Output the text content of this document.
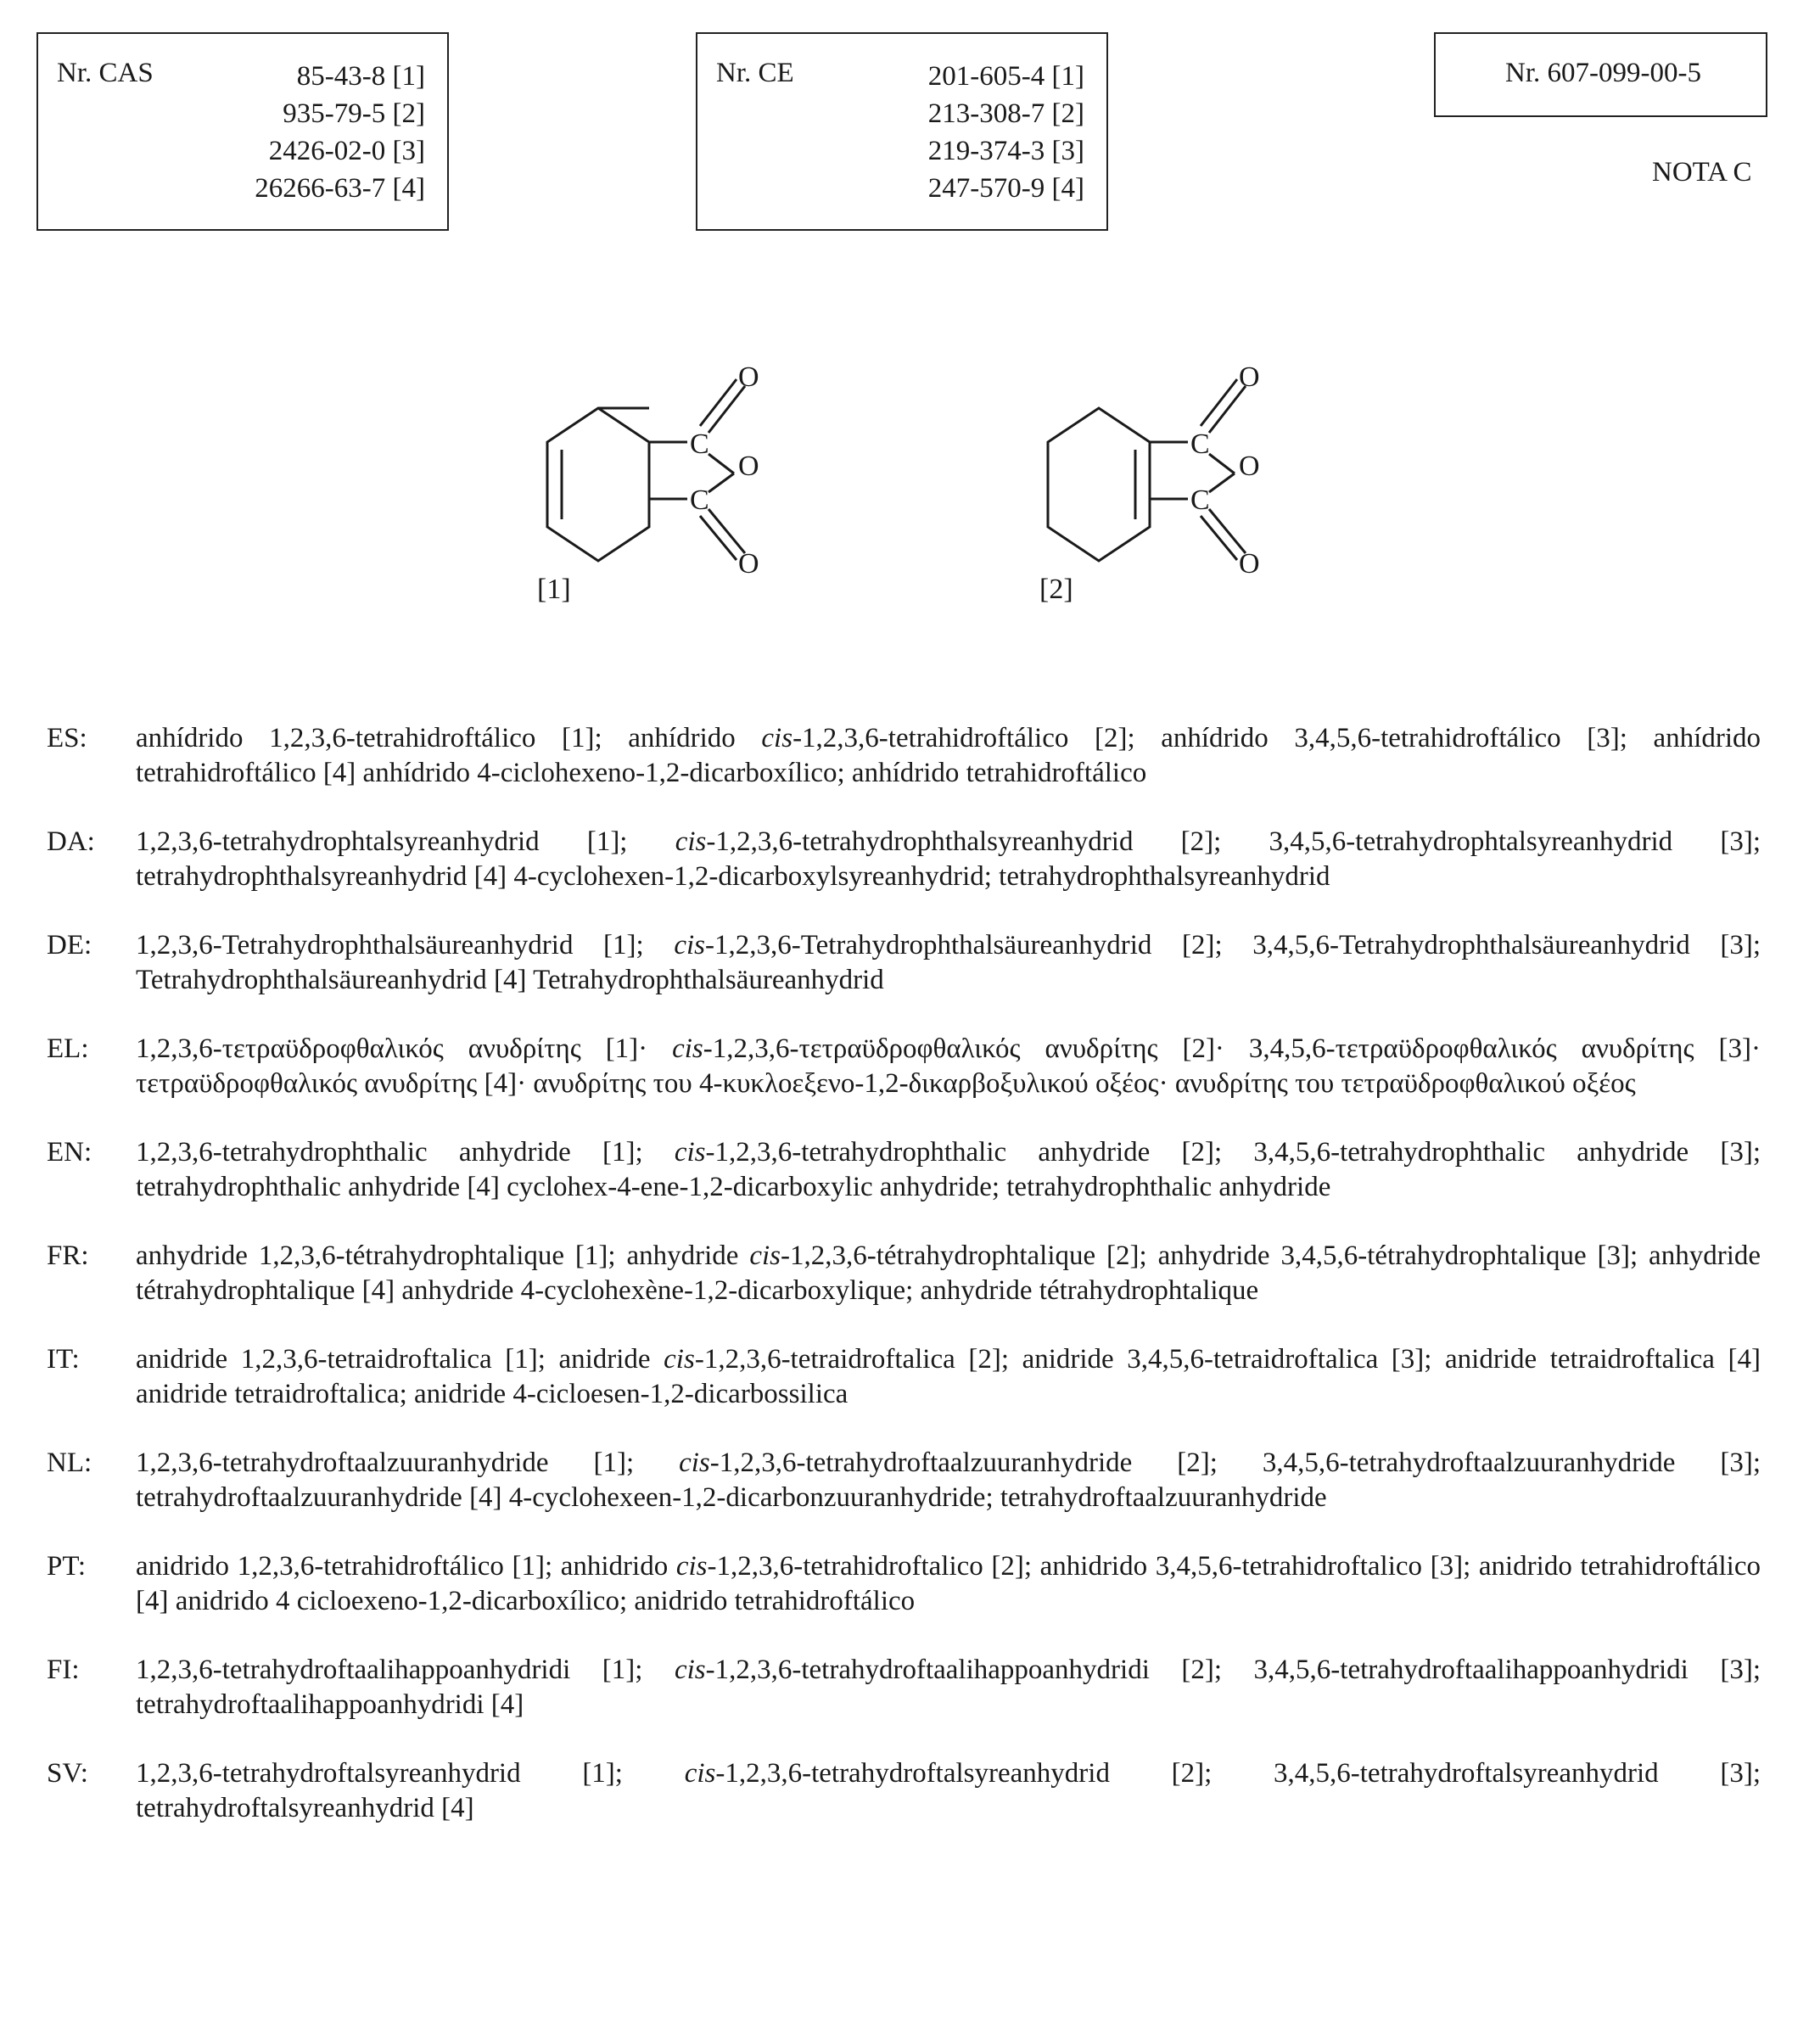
Nr. CAS	85-43-8 [1]
935-79-5 [2]
2426-02-0 [3]
26266-63-7 [4]
Nr. CE	201-605-4 [1]
213-308-7 [2]
219-374-3 [3]
247-570-9 [4]
Nr. 607-099-00-5
NOTA C
C
C
O
O
O
[1]
C
C
O
O
O
[2]
ES:	anhídrido 1,2,3,6-tetrahidroftálico [1]; anhídrido cis-1,2,3,6-tetrahidroftálico [2]; anhídrido 3,4,5,6-tetrahidroftálico [3]; anhídrido tetrahidroftálico [4] anhídrido 4-ciclohexeno-1,2-dicarboxílico; anhídrido tetrahidroftálico
DA:	1,2,3,6-tetrahydrophtalsyreanhydrid [1]; cis-1,2,3,6-tetrahydrophthalsyreanhydrid [2]; 3,4,5,6-tetrahydrophtalsyreanhydrid [3]; tetrahydrophthalsyreanhydrid [4] 4-cyclohexen-1,2-dicarboxylsyreanhydrid; tetrahydrophthalsyreanhydrid
DE:	1,2,3,6-Tetrahydrophthalsäureanhydrid [1]; cis-1,2,3,6-Tetrahydrophthalsäureanhydrid [2]; 3,4,5,6-Tetrahydrophthalsäureanhydrid [3]; Tetrahydrophthalsäureanhydrid [4] Tetrahydrophthalsäureanhydrid
EL:	1,2,3,6-τετραϋδροφθαλικός ανυδρίτης [1]· cis-1,2,3,6-τετραϋδροφθαλικός ανυδρίτης [2]· 3,4,5,6-τετραϋδροφθαλικός ανυδρίτης [3]· τετραϋδροφθαλικός ανυδρίτης [4]· ανυδρίτης του 4-κυκλοεξενο-1,2-δικαρβοξυλικού οξέος· ανυδρίτης του τετραϋδροφθαλικού οξέος
EN:	1,2,3,6-tetrahydrophthalic anhydride [1]; cis-1,2,3,6-tetrahydrophthalic anhydride [2]; 3,4,5,6-tetrahydrophthalic anhydride [3]; tetrahydrophthalic anhydride [4] cyclohex-4-ene-1,2-dicarboxylic anhydride; tetrahydrophthalic anhydride
FR:	anhydride 1,2,3,6-tétrahydrophtalique [1]; anhydride cis-1,2,3,6-tétrahydrophtalique [2]; anhydride 3,4,5,6-tétrahydrophtalique [3]; anhydride tétrahydrophtalique [4] anhydride 4-cyclohexène-1,2-dicarboxylique; anhydride tétrahydrophtalique
IT:	anidride 1,2,3,6-tetraidroftalica [1]; anidride cis-1,2,3,6-tetraidroftalica [2]; anidride 3,4,5,6-tetraidroftalica [3]; anidride tetraidroftalica [4] anidride tetraidroftalica; anidride 4-cicloesen-1,2-dicarbossilica
NL:	1,2,3,6-tetrahydroftaalzuuranhydride [1]; cis-1,2,3,6-tetrahydroftaalzuuranhydride [2]; 3,4,5,6-tetrahydroftaalzuuranhydride [3]; tetrahydroftaalzuuranhydride [4] 4-cyclohexeen-1,2-dicarbonzuuranhydride; tetrahydroftaalzuuranhydride
PT:	anidrido 1,2,3,6-tetrahidroftálico [1]; anhidrido cis-1,2,3,6-tetrahidroftalico [2]; anhidrido 3,4,5,6-tetrahidroftalico [3]; anidrido tetrahidroftálico [4] anidrido 4 cicloexeno-1,2-dicarboxílico; anidrido tetrahidroftálico
FI:	1,2,3,6-tetrahydroftaalihappoanhydridi [1]; cis-1,2,3,6-tetrahydroftaalihappoanhydridi [2]; 3,4,5,6-tetrahydroftaalihappoanhydridi [3]; tetrahydroftaalihappoanhydridi [4]
SV:	1,2,3,6-tetrahydroftalsyreanhydrid [1]; cis-1,2,3,6-tetrahydroftalsyreanhydrid [2]; 3,4,5,6-tetrahydroftalsyreanhydrid [3]; tetrahydroftalsyreanhydrid [4]
